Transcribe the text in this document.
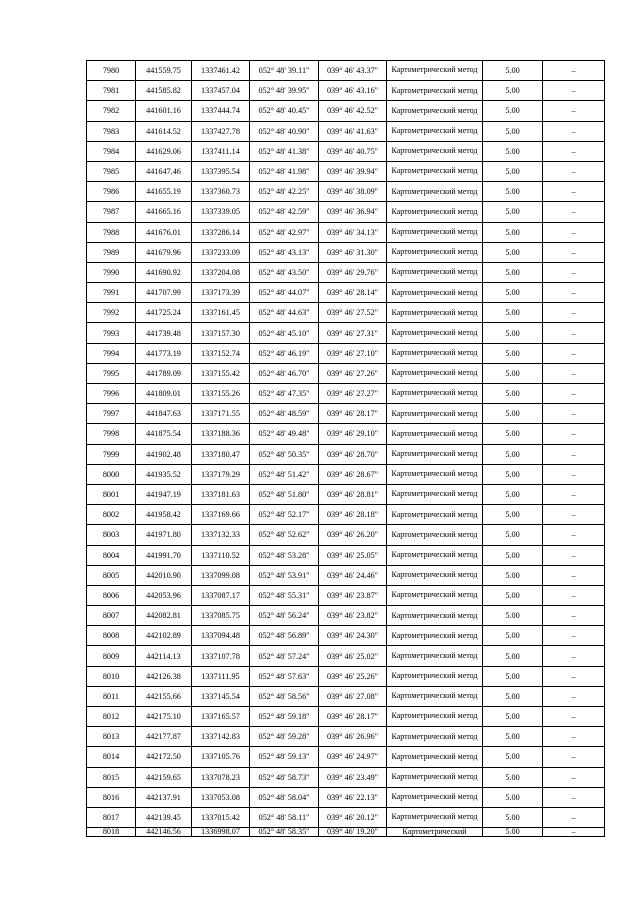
7980	441559.75	1337461.42	052° 48' 39.11"	039° 46' 43.37"	Картометрический метод	5.00	–
7981	441585.82	1337457.04	052° 48' 39.95"	039° 46' 43.16"	Картометрический метод	5.00	–
7982	441601.16	1337444.74	052° 48' 40.45"	039° 46' 42.52"	Картометрический метод	5.00	–
7983	441614.52	1337427.78	052° 48' 40.90"	039° 46' 41.63"	Картометрический метод	5.00	–
7984	441629.06	1337411.14	052° 48' 41.38"	039° 46' 40.75"	Картометрический метод	5.00	–
7985	441647.46	1337395.54	052° 48' 41.98"	039° 46' 39.94"	Картометрический метод	5.00	–
7986	441655.19	1337360.73	052° 48' 42.25"	039° 46' 38.09"	Картометрический метод	5.00	–
7987	441665.16	1337339.05	052° 48' 42.59"	039° 46' 36.94"	Картометрический метод	5.00	–
7988	441676.01	1337286.14	052° 48' 42.97"	039° 46' 34.13"	Картометрический метод	5.00	–
7989	441679.96	1337233.09	052° 48' 43.13"	039° 46' 31.30"	Картометрический метод	5.00	–
7990	441690.92	1337204.08	052° 48' 43.50"	039° 46' 29.76"	Картометрический метод	5.00	–
7991	441707.99	1337173.39	052° 48' 44.07"	039° 46' 28.14"	Картометрический метод	5.00	–
7992	441725.24	1337161.45	052° 48' 44.63"	039° 46' 27.52"	Картометрический метод	5.00	–
7993	441739.48	1337157.30	052° 48' 45.10"	039° 46' 27.31"	Картометрический метод	5.00	–
7994	441773.19	1337152.74	052° 48' 46.19"	039° 46' 27.10"	Картометрический метод	5.00	–
7995	441789.09	1337155.42	052° 48' 46.70"	039° 46' 27.26"	Картометрический метод	5.00	–
7996	441809.01	1337155.26	052° 48' 47.35"	039° 46' 27.27"	Картометрический метод	5.00	–
7997	441847.63	1337171.55	052° 48' 48.59"	039° 46' 28.17"	Картометрический метод	5.00	–
7998	441875.54	1337188.36	052° 48' 49.48"	039° 46' 29.10"	Картометрический метод	5.00	–
7999	441902.48	1337180.47	052° 48' 50.35"	039° 46' 28.70"	Картометрический метод	5.00	–
8000	441935.52	1337179.29	052° 48' 51.42"	039° 46' 28.67"	Картометрический метод	5.00	–
8001	441947.19	1337181.63	052° 48' 51.80"	039° 46' 28.81"	Картометрический метод	5.00	–
8002	441958.42	1337169.66	052° 48' 52.17"	039° 46' 28.18"	Картометрический метод	5.00	–
8003	441971.80	1337132.33	052° 48' 52.62"	039° 46' 26.20"	Картометрический метод	5.00	–
8004	441991.70	1337110.52	052° 48' 53.28"	039° 46' 25.05"	Картометрический метод	5.00	–
8005	442010.90	1337099.08	052° 48' 53.91"	039° 46' 24.46"	Картометрический метод	5.00	–
8006	442053.96	1337087.17	052° 48' 55.31"	039° 46' 23.87"	Картометрический метод	5.00	–
8007	442082.81	1337085.75	052° 48' 56.24"	039° 46' 23.82"	Картометрический метод	5.00	–
8008	442102.89	1337094.48	052° 48' 56.89"	039° 46' 24.30"	Картометрический метод	5.00	–
8009	442114.13	1337107.78	052° 48' 57.24"	039° 46' 25.02"	Картометрический метод	5.00	–
8010	442126.38	1337111.95	052° 48' 57.63"	039° 46' 25.26"	Картометрический метод	5.00	–
8011	442155.66	1337145.54	052° 48' 58.56"	039° 46' 27.08"	Картометрический метод	5.00	–
8012	442175.10	1337165.57	052° 48' 59.18"	039° 46' 28.17"	Картометрический метод	5.00	–
8013	442177.87	1337142.83	052° 48' 59.28"	039° 46' 26.96"	Картометрический метод	5.00	–
8014	442172.50	1337105.76	052° 48' 59.13"	039° 46' 24.97"	Картометрический метод	5.00	–
8015	442159.65	1337078.23	052° 48' 58.73"	039° 46' 23.49"	Картометрический метод	5.00	–
8016	442137.91	1337053.08	052° 48' 58.04"	039° 46' 22.13"	Картометрический метод	5.00	–
8017	442139.45	1337015.42	052° 48' 58.11"	039° 46' 20.12"	Картометрический метод	5.00	–
8018	442146.56	1336998.07	052° 48' 58.35"	039° 46' 19.20"	Картометрический	5.00	–
